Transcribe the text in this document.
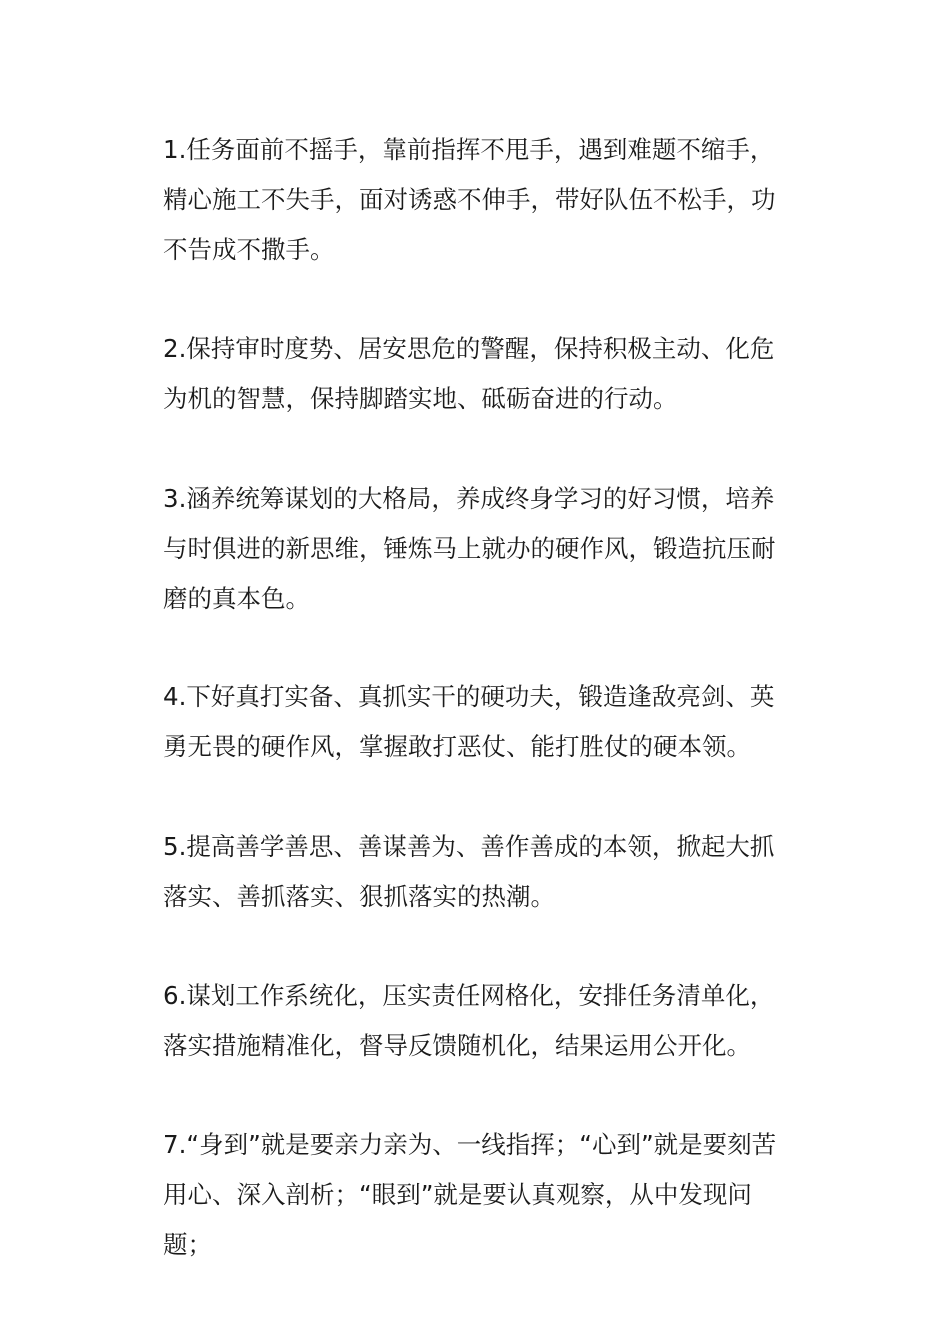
1.任务面前不摇手，靠前指挥不甩手，遇到难题不缩手，精心施工不失手，面对诱惑不伸手，带好队伍不松手，功不告成不撒手。

2.保持审时度势、居安思危的警醒，保持积极主动、化危为机的智慧，保持脚踏实地、砥砺奋进的行动。

3.涵养统筹谋划的大格局，养成终身学习的好习惯，培养与时俱进的新思维，锤炼马上就办的硬作风，锻造抗压耐磨的真本色。

4.下好真打实备、真抓实干的硬功夫，锻造逢敌亮剑、英勇无畏的硬作风，掌握敢打恶仗、能打胜仗的硬本领。

5.提高善学善思、善谋善为、善作善成的本领，掀起大抓落实、善抓落实、狠抓落实的热潮。

6.谋划工作系统化，压实责任网格化，安排任务清单化，落实措施精准化，督导反馈随机化，结果运用公开化。

7.“身到”就是要亲力亲为、一线指挥；“心到”就是要刻苦用心、深入剖析；“眼到”就是要认真观察，从中发现问题；
